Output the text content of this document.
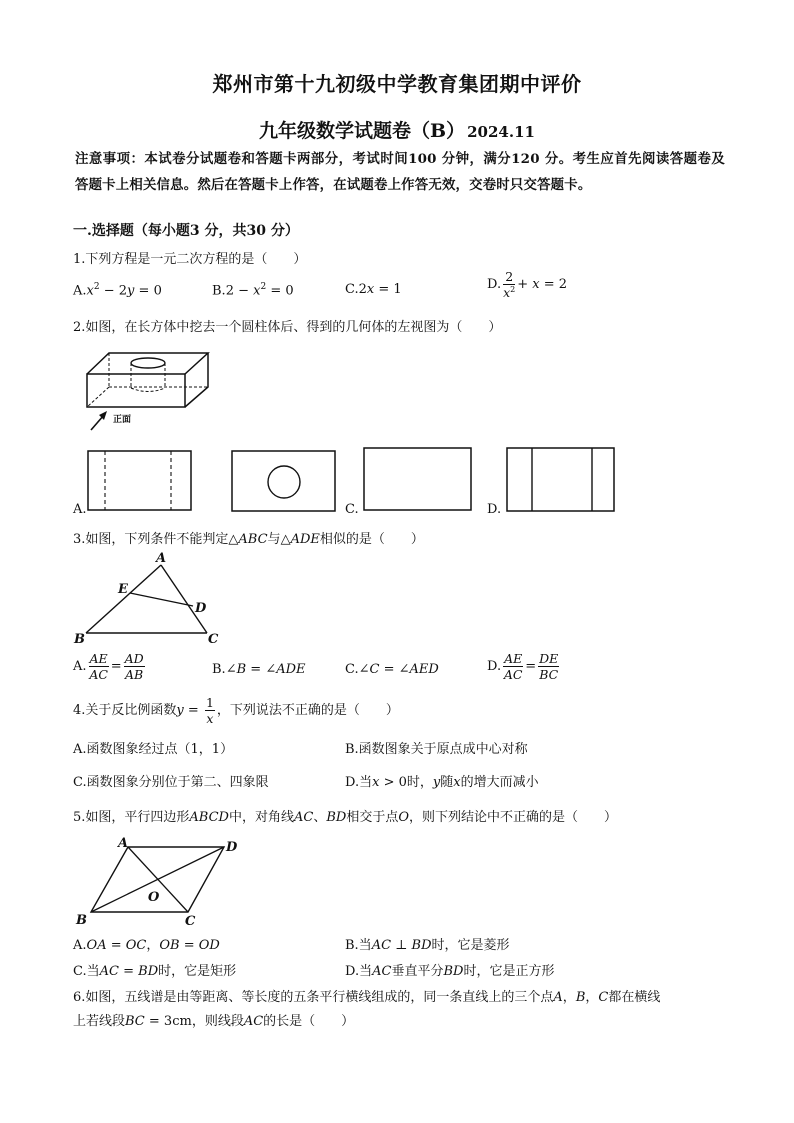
郑州市第十九初级中学教育集团期中评价
九年级数学试题卷（B） 2024.11
注意事项：本试卷分试题卷和答题卡两部分，考试时间100 分钟，满分120 分。考生应首先阅读答题卷及答题卡上相关信息。然后在答题卡上作答，在试题卷上作答无效，交卷时只交答题卡。
一.选择题（每小题3 分，共30 分）
1.下列方程是一元二次方程的是（　　）
$A.x^2 - 2y = 0$	$B.2 - x^2 = 0$	C.2x = 1	D. $\frac{2}{x^2} + x = 2$
2.如图，在长方体中挖去一个圆柱体后、得到的几何体的左视图为（　　）
正面
A.	C.	D.
3.如图，下列条件不能判定△ABC与△ADE相似的是（　　）
A
E
D
B	C
A. $\frac{AE}{AC} = \frac{AD}{AB}$	B.∠B = ∠ADE	C.∠C = ∠AED	D. $\frac{AE}{AC} = \frac{DE}{BC}$
4.关于反比例函数$y = \frac{1}{x}$ ，下列说法不正确的是（　　）
A.函数图象经过点（1，1）	B.函数图象关于原点成中心对称
C.函数图象分别位于第二、四象限	D.当x > 0时，y随x的增大而减小
5.如图，平行四边形ABCD中，对角线AC、BD相交于点O，则下列结论中不正确的是（　　）
A	D
O
B	C
A.OA = OC，OB = OD	B.当AC ⊥ BD时，它是菱形
C.当AC = BD时，它是矩形	D.当AC垂直平分BD时，它是正方形
6.如图，五线谱是由等距离、等长度的五条平行横线组成的，同一条直线上的三个点A，B，C都在横线
上若线段BC = 3cm，则线段AC的长是（　　）
